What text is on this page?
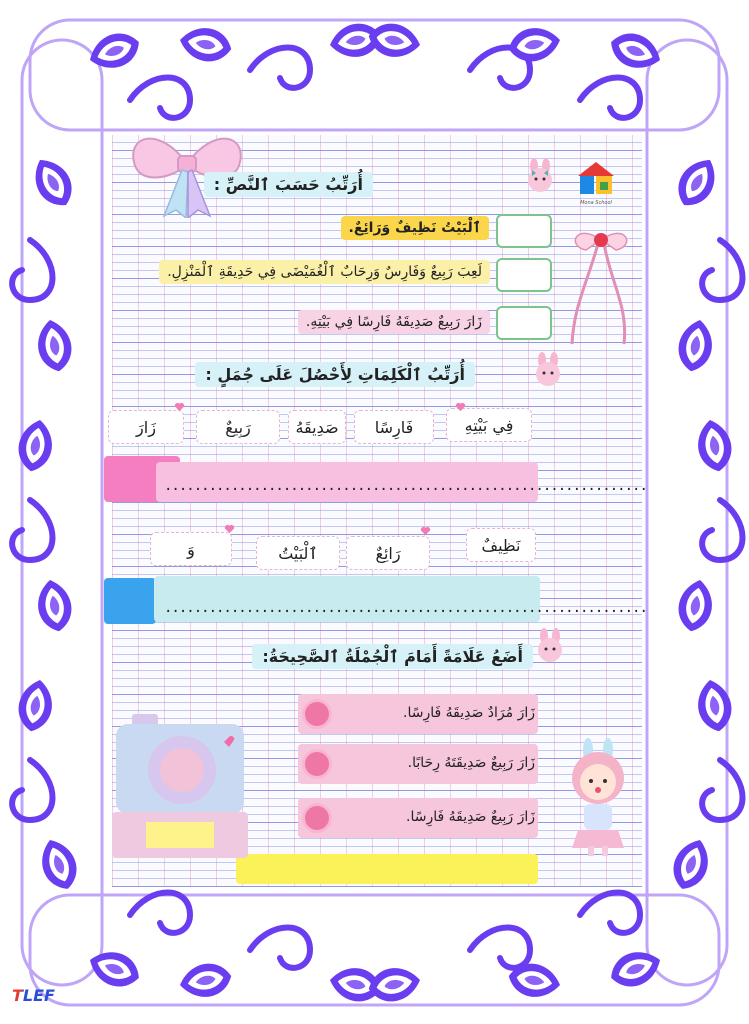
Mona School
أُرَتِّبُ حَسَبَ ٱلنَّصِّ :
ٱلْبَيْتُ نَظِيفٌ وَرَائِعٌ.
لَعِبَ رَبِيعٌ وَفَارِسٌ وَرِحَابٌ ٱلْغُمَيْضَى فِي حَدِيقَةِ ٱلْمَنْزِلِ.
زَارَ رَبِيعٌ صَدِيقَهُ فَارِسًا فِي بَيْتِهِ.
أُرَتِّبُ ٱلْكَلِمَاتِ لِأَحْصُلَ عَلَى جُمَلٍ :
فِي بَيْتِهِ
فَارِسًا
صَدِيقَهُ
رَبِيعٌ
زَارَ
.................................................................
نَظِيفٌ
رَائِعٌ
ٱلْبَيْتُ
وَ
.................................................................
أَضَعُ عَلَامَةً أَمَامَ ٱلْجُمْلَةُ ٱلصَّحِيحَةُ:
زَارَ مُرَادٌ صَدِيقَهُ فَارِسًا.
زَارَ رَبِيعٌ صَدِيقَتَهُ رِحَابًا.
زَارَ رَبِيعٌ صَدِيقَهُ فَارِسًا.
TLEF
